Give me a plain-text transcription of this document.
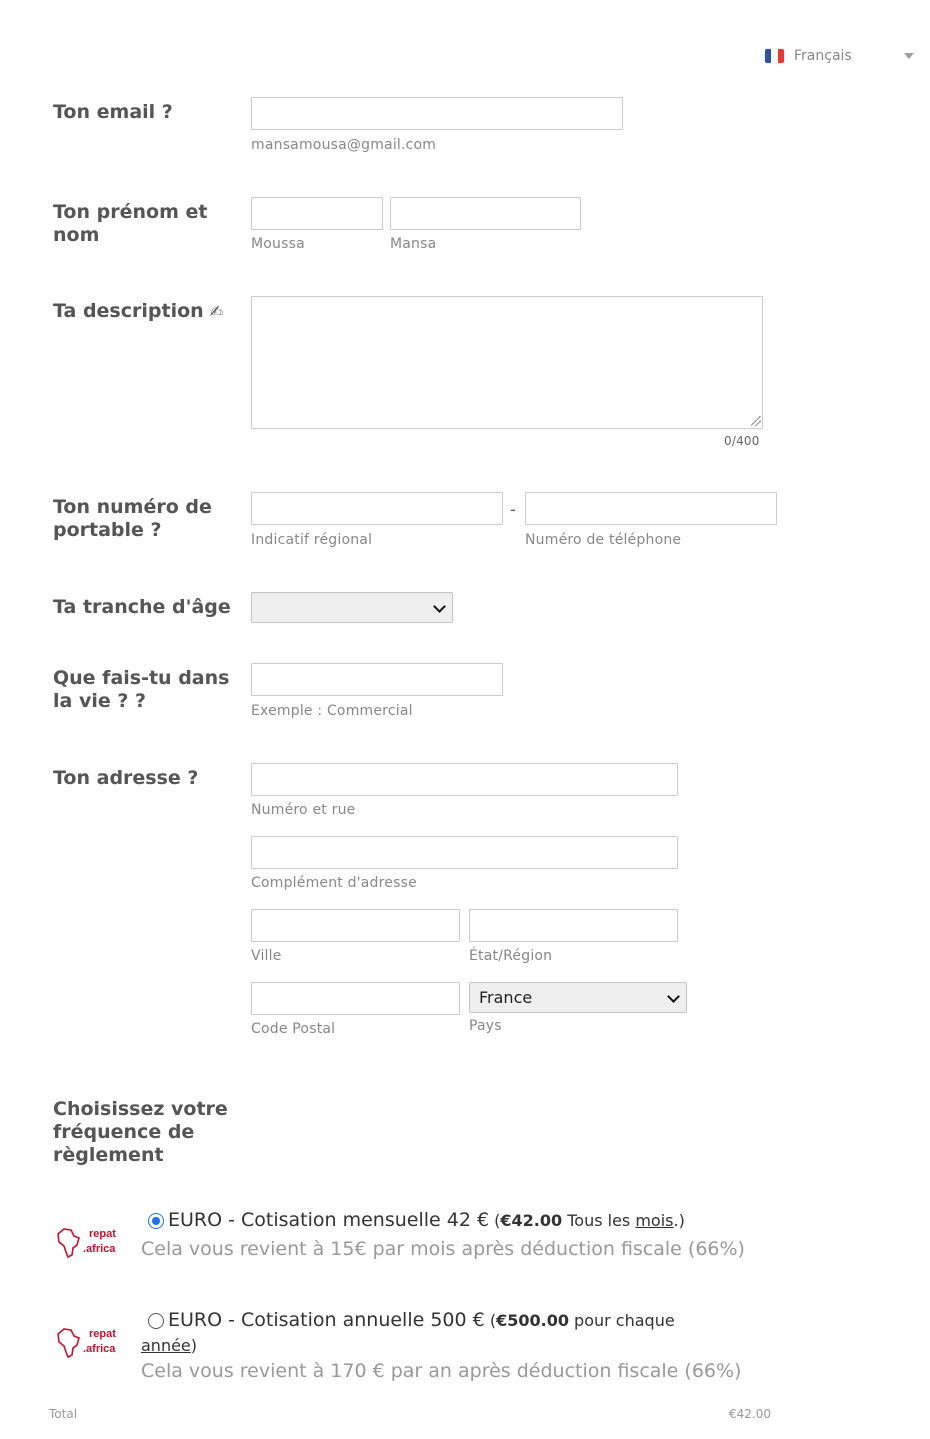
Français
Ton email ?
mansamousa@gmail.com
Ton prénom et nom	Moussa	Mansa
Ta description ✍
0/400
Ton numéro de portable ?
-
Indicatif régional	Numéro de téléphone
Ta tranche d'âge
Que fais-tu dans la vie ? ?	Exemple : Commercial
Ton adresse ?
Numéro et rue
Complément d'adresse
Ville	État/Région
France
Code Postal	Pays
Choisissez votre fréquence de règlement
repat
.africa
EURO - Cotisation mensuelle 42 € (€42.00 Tous les mois.)
Cela vous revient à 15€ par mois après déduction fiscale (66%)
repat
.africa
EURO - Cotisation annuelle 500 € (€500.00 pour chaque
année)
Cela vous revient à 170 € par an après déduction fiscale (66%)
Total	€42.00
